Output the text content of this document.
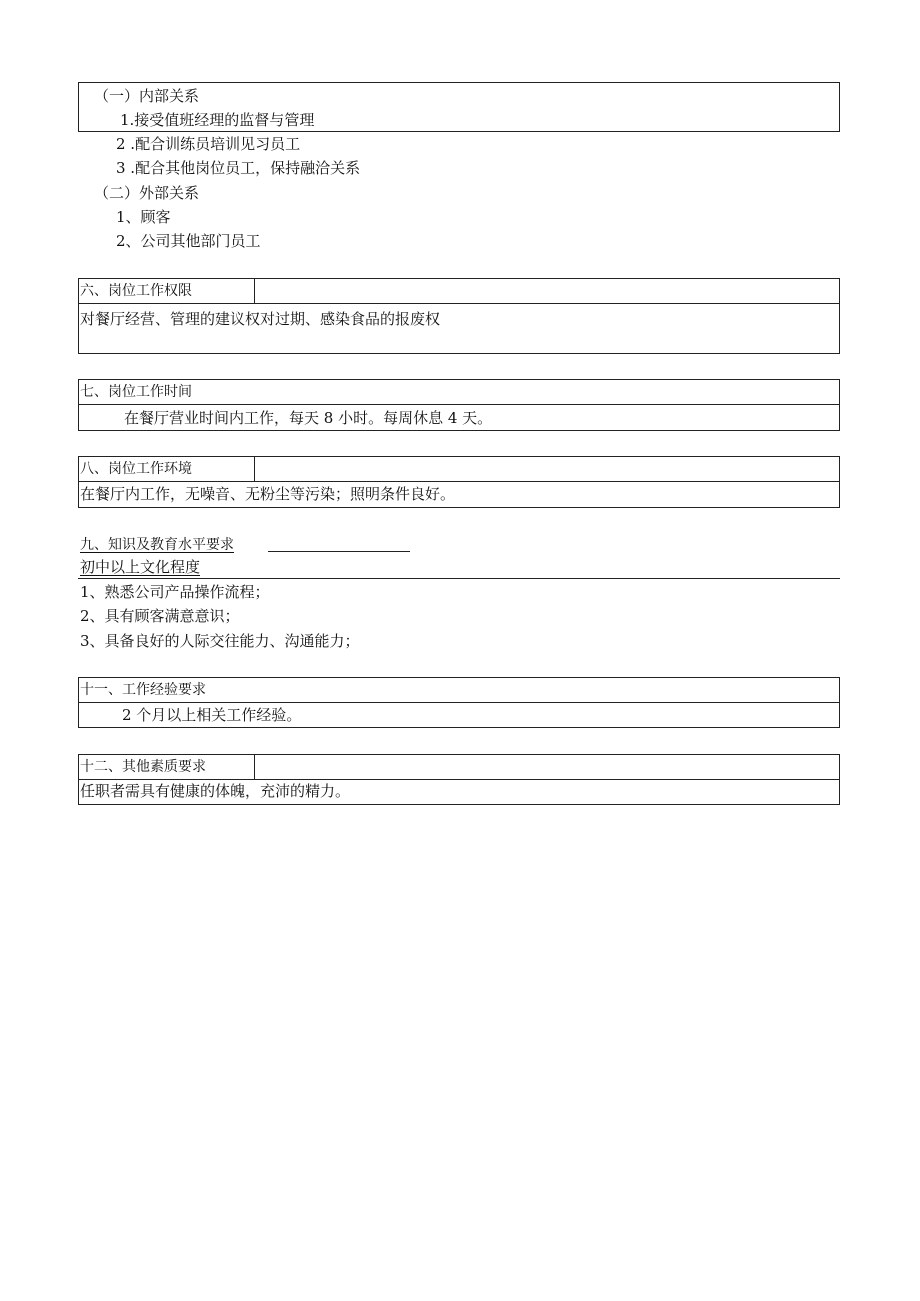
（一）内部关系
1.接受值班经理的监督与管理
2 .配合训练员培训见习员工
3 .配合其他岗位员工，保持融洽关系
（二）外部关系
1、顾客
2、公司其他部门员工
六、岗位工作权限
对餐厅经营、管理的建议权对过期、感染食品的报废权
七、岗位工作时间
在餐厅营业时间内工作，每天 8 小时。每周休息 4 天。
八、岗位工作环境
在餐厅内工作，无噪音、无粉尘等污染；照明条件良好。
九、知识及教育水平要求
初中以上文化程度
1、熟悉公司产品操作流程；
2、具有顾客满意意识；
3、具备良好的人际交往能力、沟通能力；
十一、工作经验要求
2 个月以上相关工作经验。
十二、其他素质要求
任职者需具有健康的体魄，充沛的精力。
